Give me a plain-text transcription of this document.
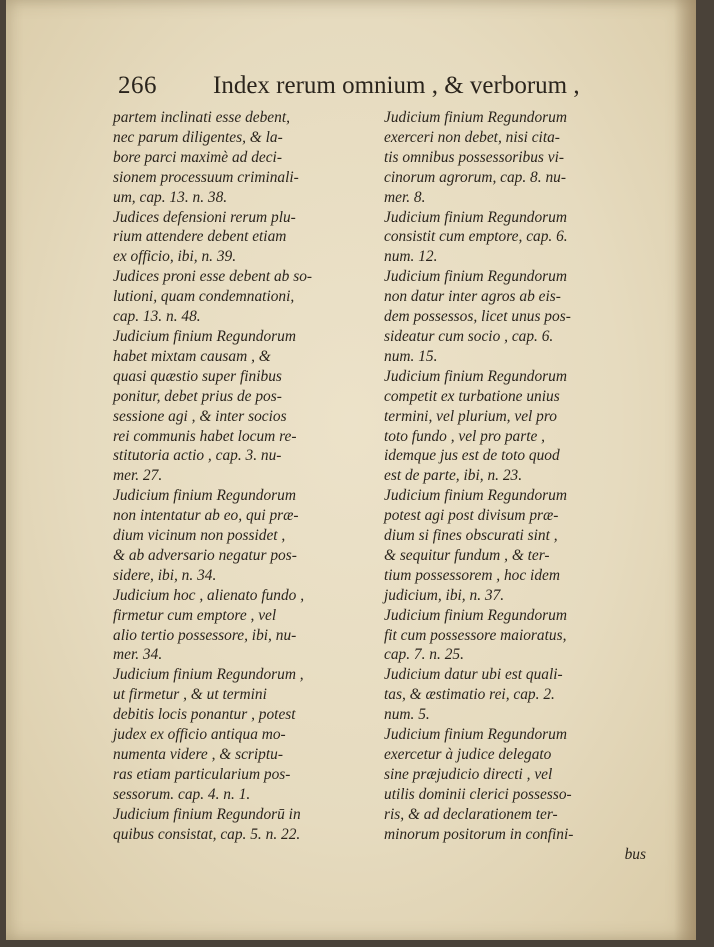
266 Index rerum omnium , & verborum ,

partem inclinati esse debent,
nec parum diligentes, & la-
bore parci maximè ad deci-
sionem processuum criminali-
um, cap. 13. n. 38.

Judices defensioni rerum plu-
rium attendere debent etiam
ex officio, ibi, n. 39.

Judices proni esse debent ab so-
lutioni, quam condemnationi,
cap. 13. n. 48.

Judicium finium Regundorum
habet mixtam causam , &
quasi quæstio super finibus
ponitur, debet prius de pos-
sessione agi , & inter socios
rei communis habet locum re-
stitutoria actio , cap. 3. nu-
mer. 27.

Judicium finium Regundorum
non intentatur ab eo, qui præ-
dium vicinum non possidet ,
& ab adversario negatur pos-
sidere, ibi, n. 34.

Judicium hoc , alienato fundo ,
firmetur cum emptore , vel
alio tertio possessore, ibi, nu-
mer. 34.

Judicium finium Regundorum ,
ut firmetur , & ut termini
debitis locis ponantur , potest
judex ex officio antiqua mo-
numenta videre , & scriptu-
ras etiam particularium pos-
sessorum. cap. 4. n. 1.

Judicium finium Regundorū in
quibus consistat, cap. 5. n. 22.

Judicium finium Regundorum
exerceri non debet, nisi cita-
tis omnibus possessoribus vi-
cinorum agrorum, cap. 8. nu-
mer. 8.

Judicium finium Regundorum
consistit cum emptore, cap. 6.
num. 12.

Judicium finium Regundorum
non datur inter agros ab eis-
dem possessos, licet unus pos-
sideatur cum socio , cap. 6.
num. 15.

Judicium finium Regundorum
competit ex turbatione unius
termini, vel plurium, vel pro
toto fundo , vel pro parte ,
idemque jus est de toto quod
est de parte, ibi, n. 23.

Judicium finium Regundorum
potest agi post divisum præ-
dium si fines obscurati sint ,
& sequitur fundum , & ter-
tium possessorem , hoc idem
judicium, ibi, n. 37.

Judicium finium Regundorum
fit cum possessore maioratus,
cap. 7. n. 25.

Judicium datur ubi est quali-
tas, & æstimatio rei, cap. 2.
num. 5.

Judicium finium Regundorum
exercetur à judice delegato
sine præjudicio directi , vel
utilis dominii clerici possesso-
ris, & ad declarationem ter-
minorum positorum in confini-
bus
